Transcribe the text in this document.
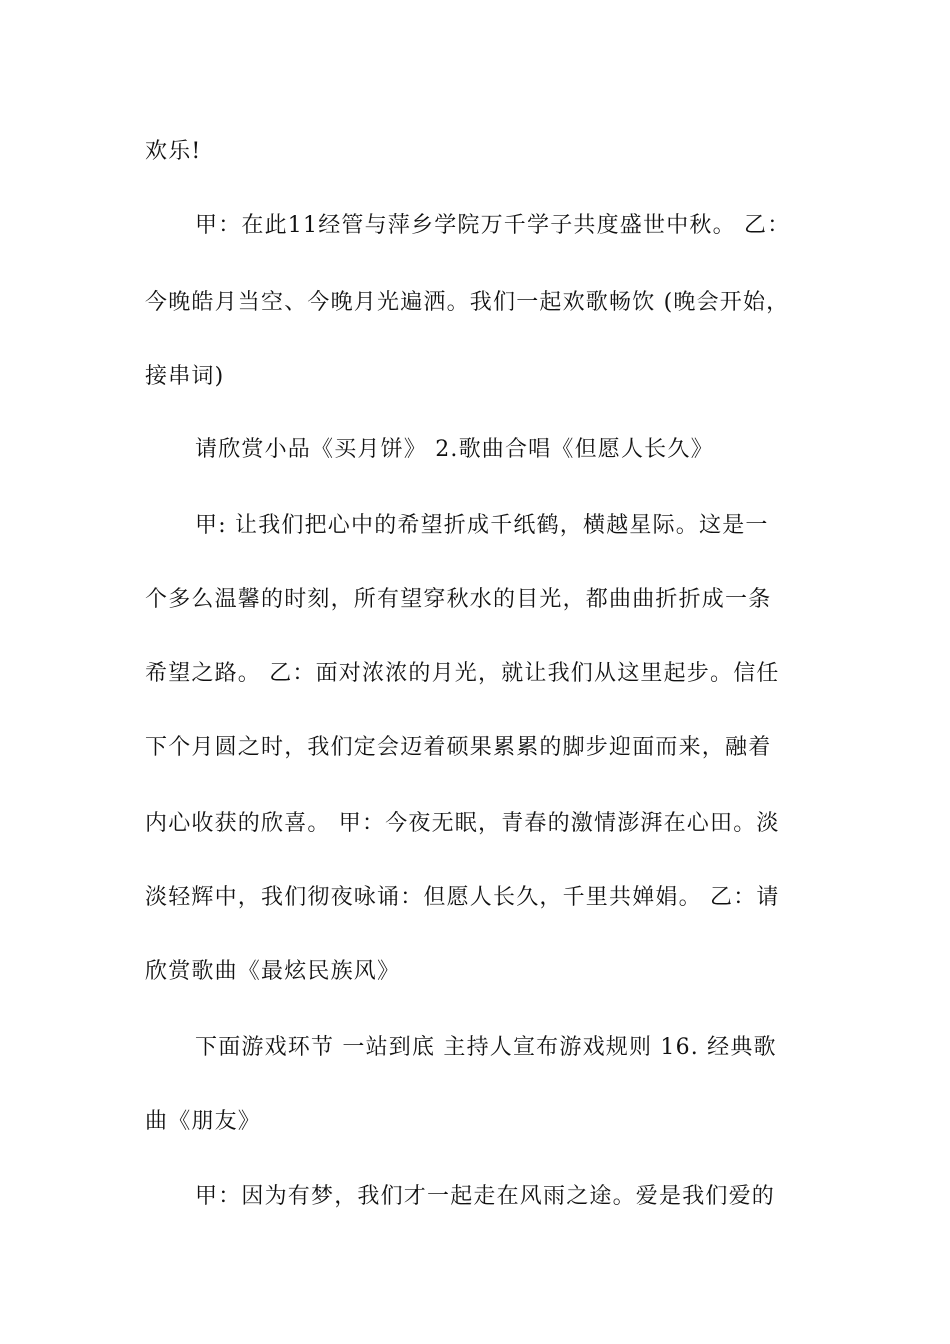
欢乐!
甲：在此11经管与萍乡学院万千学子共度盛世中秋。 乙：
今晚皓月当空、今晚月光遍洒。我们一起欢歌畅饮 (晚会开始，
接串词)
请欣赏小品《买月饼》 2.歌曲合唱《但愿人长久》
甲: 让我们把心中的希望折成千纸鹤，横越星际。这是一
个多么温馨的时刻，所有望穿秋水的目光，都曲曲折折成一条
希望之路。 乙：面对浓浓的月光，就让我们从这里起步。信任
下个月圆之时，我们定会迈着硕果累累的脚步迎面而来，融着
内心收获的欣喜。 甲：今夜无眠，青春的激情澎湃在心田。淡
淡轻辉中，我们彻夜咏诵：但愿人长久，千里共婵娟。 乙：请
欣赏歌曲《最炫民族风》
下面游戏环节 一站到底 主持人宣布游戏规则 16. 经典歌
曲《朋友》
甲：因为有梦，我们才一起走在风雨之途。爱是我们爱的
